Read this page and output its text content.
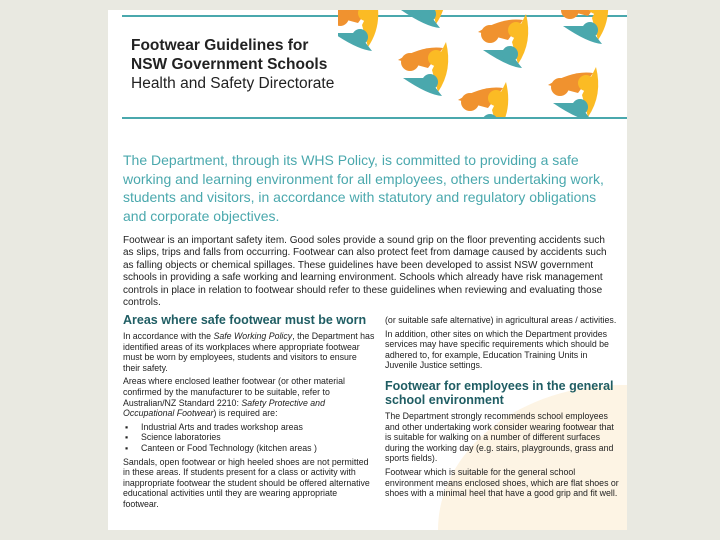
Footwear Guidelines for
NSW Government Schools
Health and Safety Directorate
The Department, through its WHS Policy, is committed to providing a safe working and learning environment for all employees, others undertaking work, students and visitors, in accordance with statutory and regulatory obligations and corporate objectives.
Footwear is an important safety item. Good soles provide a sound grip on the floor preventing accidents such as slips, trips and falls from occurring. Footwear can also protect feet from damage caused by accidents such as falling objects or chemical spillages. These guidelines have been developed to assist NSW government schools in providing a safe working and learning environment. Schools which already have risk management controls in place in relation to footwear should refer to these guidelines when reviewing and evaluating those controls.
Areas where safe footwear must be worn

In accordance with the Safe Working Policy, the Department has identified areas of its workplaces where appropriate footwear must be worn by employees, students and visitors to ensure their safety.

Areas where enclosed leather footwear (or other material confirmed by the manufacturer to be suitable, refer to Australian/NZ Standard 2210: Safety Protective and Occupational Footwear) is required are:

▪ Industrial Arts and trades workshop areas
▪ Science laboratories
▪ Canteen or Food Technology (kitchen areas )

Sandals, open footwear or high heeled shoes are not permitted in these areas. If students present for a class or activity with inappropriate footwear the student should be offered alternative educational activities until they are wearing appropriate footwear.

(or suitable safe alternative) in agricultural areas / activities.

In addition, other sites on which the Department provides services may have specific requirements which should be adhered to, for example, Education Training Units in Juvenile Justice settings.

Footwear for employees in the general school environment

The Department strongly recommends school employees and other undertaking work consider wearing footwear that is suitable for walking on a number of different surfaces during the working day (e.g. stairs, playgrounds, grass and sports fields).

Footwear which is suitable for the general school environment means enclosed shoes, which are flat shoes or shoes with a minimal heel that have a good grip and fit well.
